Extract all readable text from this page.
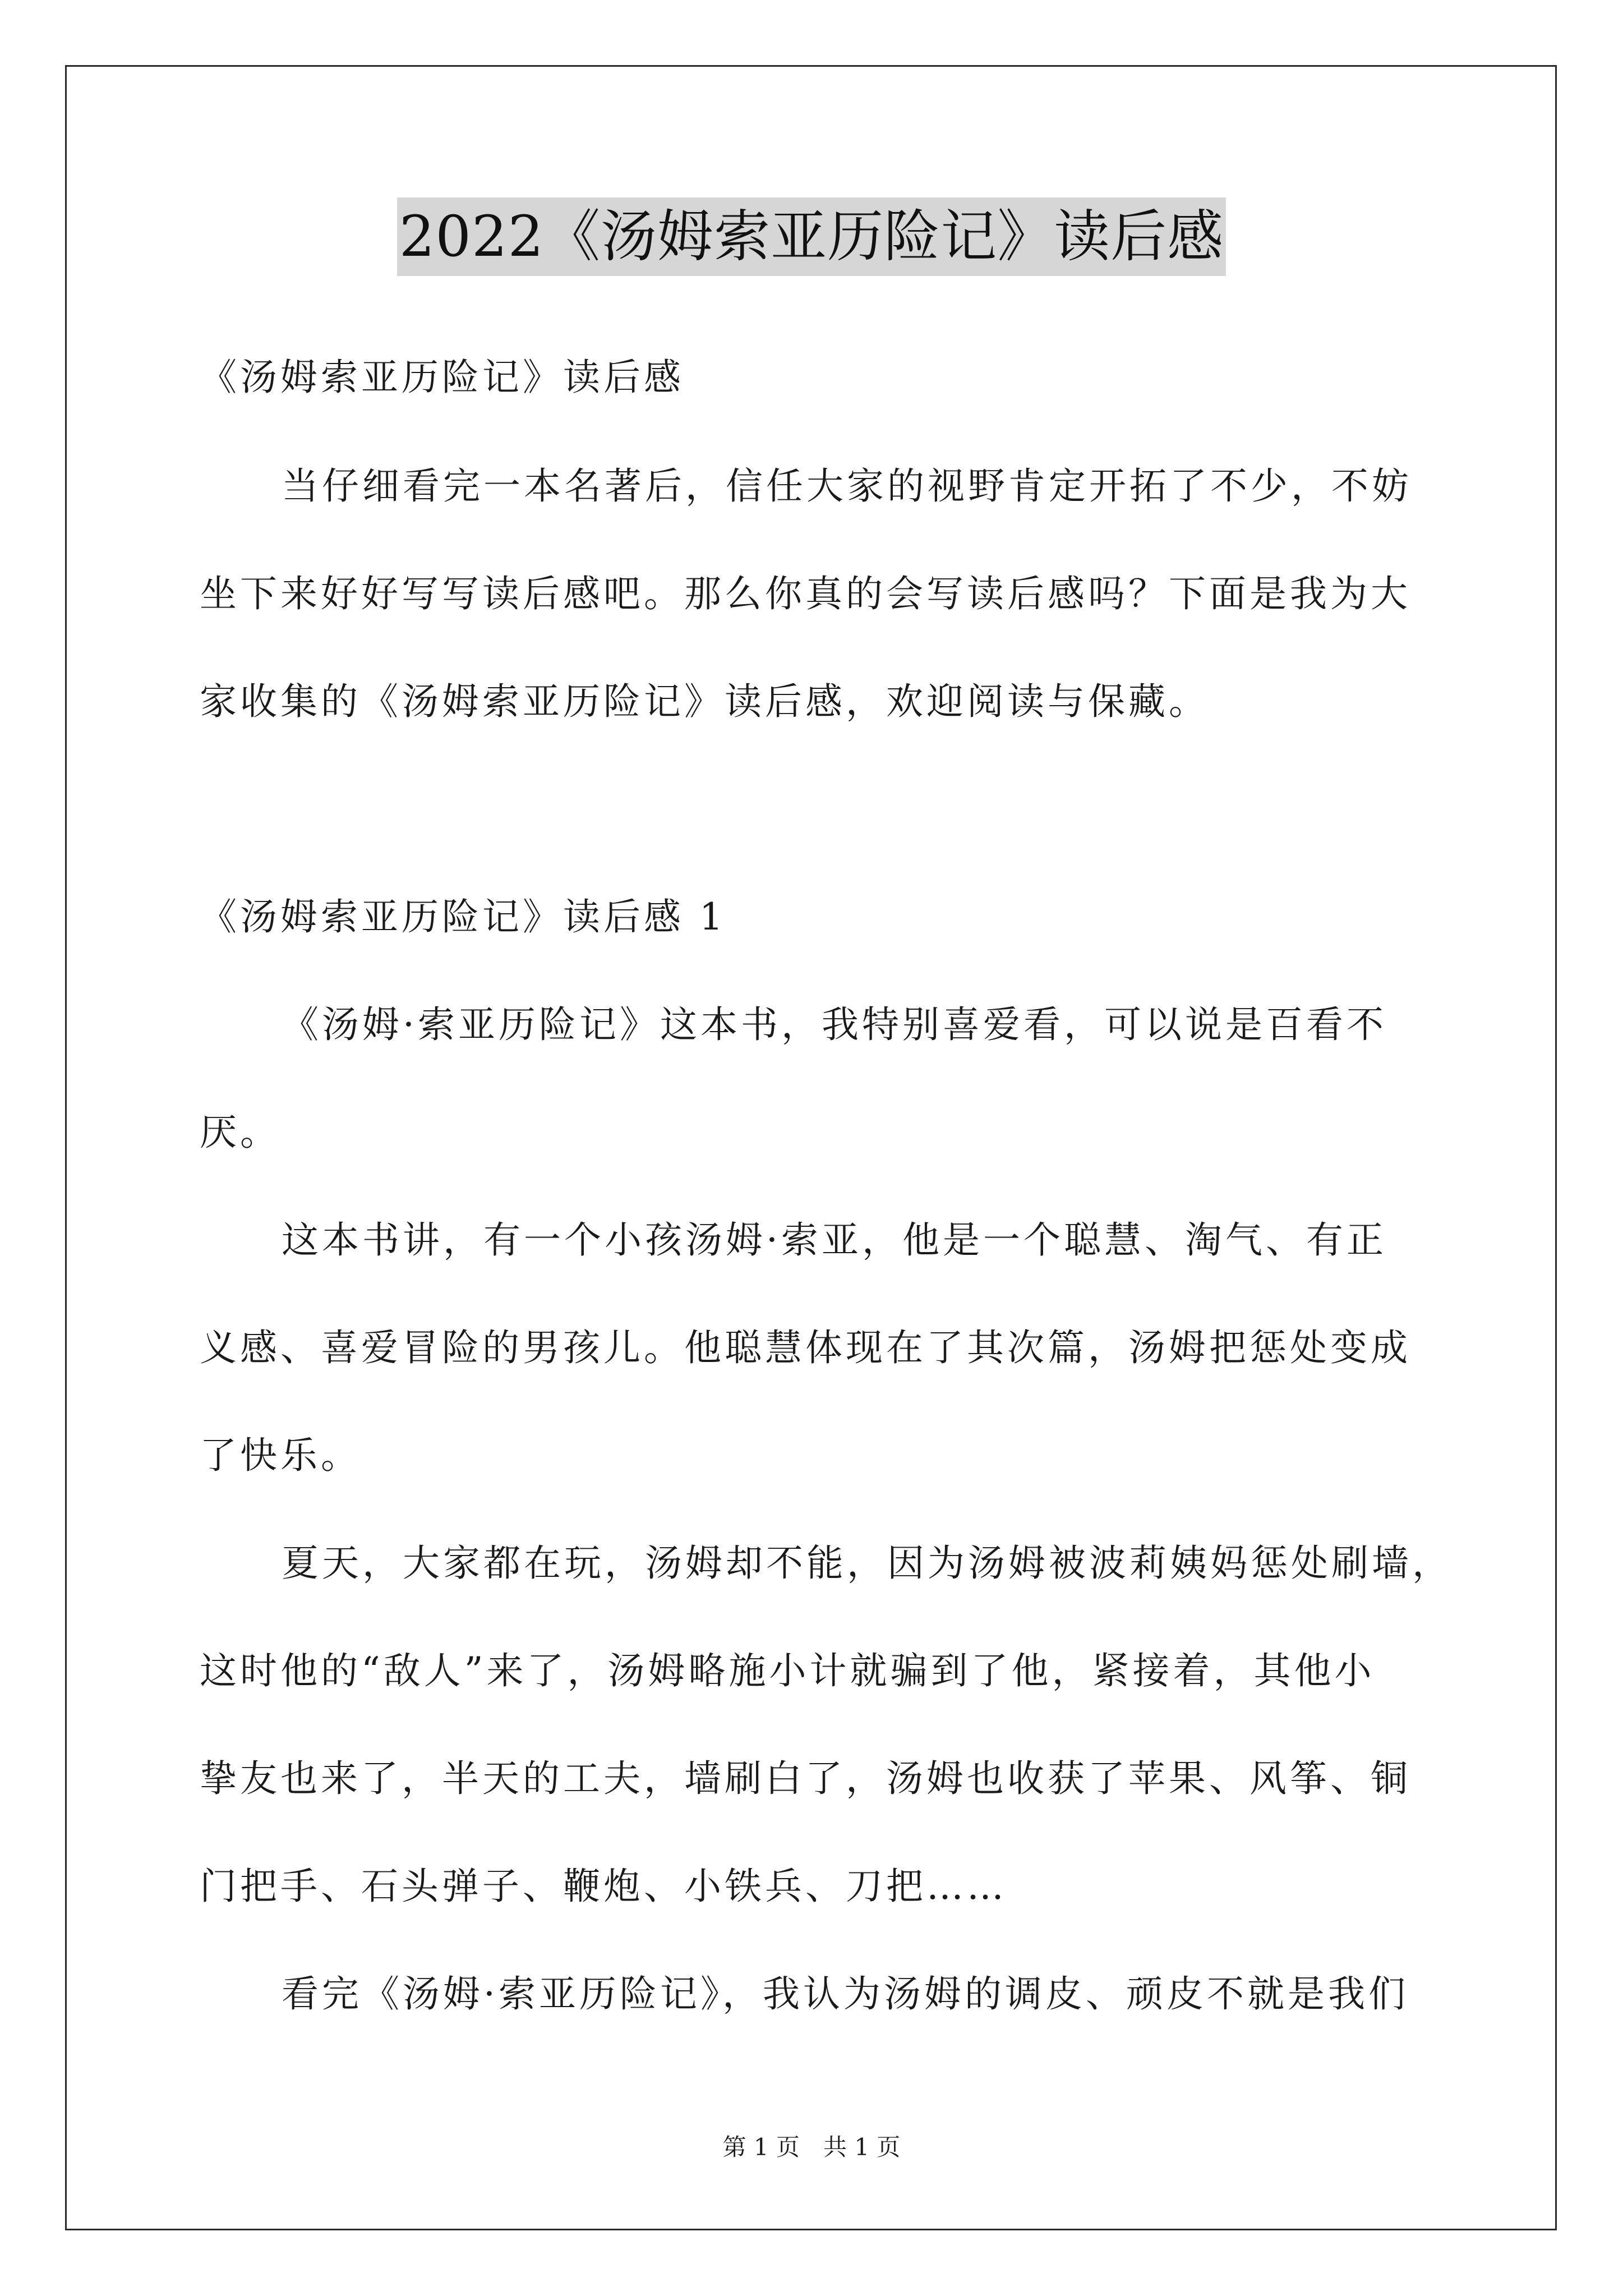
2022《汤姆索亚历险记》读后感
《汤姆索亚历险记》读后感
当仔细看完一本名著后，信任大家的视野肯定开拓了不少，不妨
坐下来好好写写读后感吧。那么你真的会写读后感吗？下面是我为大
家收集的《汤姆索亚历险记》读后感，欢迎阅读与保藏。
《汤姆索亚历险记》读后感 1
《汤姆·索亚历险记》这本书，我特别喜爱看，可以说是百看不
厌。
这本书讲，有一个小孩汤姆·索亚，他是一个聪慧、淘气、有正
义感、喜爱冒险的男孩儿。他聪慧体现在了其次篇，汤姆把惩处变成
了快乐。
夏天，大家都在玩，汤姆却不能，因为汤姆被波莉姨妈惩处刷墙，
这时他的“敌人”来了，汤姆略施小计就骗到了他，紧接着，其他小
挚友也来了，半天的工夫，墙刷白了，汤姆也收获了苹果、风筝、铜
门把手、石头弹子、鞭炮、小铁兵、刀把……
看完《汤姆·索亚历险记》，我认为汤姆的调皮、顽皮不就是我们
第 1 页　共 1 页
